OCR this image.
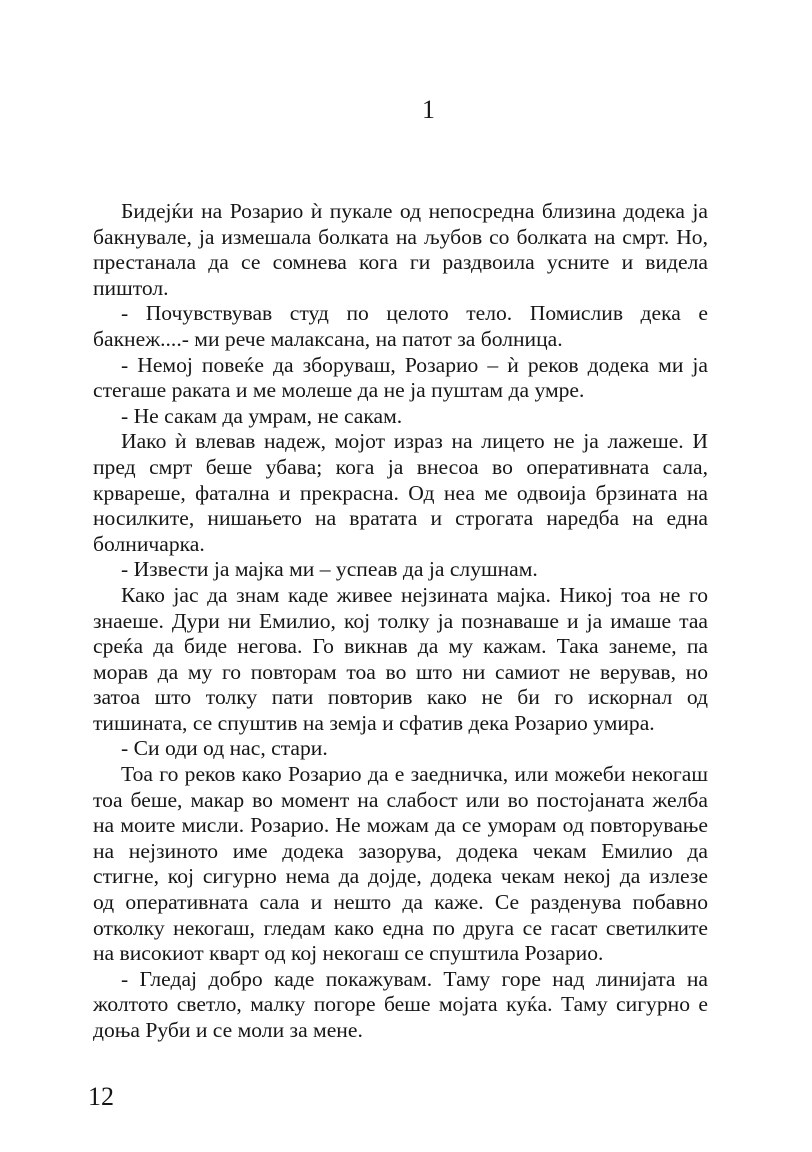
1
Бидејќи на Розарио ѝ пукале од непосредна близина додека ја
бакнувале, ја измешала болката на љубов со болката на смрт. Но,
престанала да се сомнева кога ги раздвоила усните и видела
пиштол.
- Почувствував студ по целото тело. Помислив дека е
бакнеж....- ми рече малаксана, на патот за болница.
- Немој повеќе да зборуваш, Розарио – ѝ реков додека ми ја
стегаше раката и ме молеше да не ја пуштам да умре.
- Не сакам да умрам, не сакам.
Иако ѝ влевав надеж, мојот израз на лицето не ја лажеше. И
пред смрт беше убава; кога ја внесоа во оперативната сала,
крвареше, фатална и прекрасна. Од неа ме одвоија брзината на
носилките, нишањето на вратата и строгата наредба на една
болничарка.
- Извести ја мајка ми – успеав да ја слушнам.
Како јас да знам каде живее нејзината мајка. Никој тоа не го
знаеше. Дури ни Емилио, кој толку ја познаваше и ја имаше таа
среќа да биде негова. Го викнав да му кажам. Така занеме, па
морав да му го повторам тоа во што ни самиот не верував, но
затоа што толку пати повторив како не би го искорнал од
тишината, се спуштив на земја и сфатив дека Розарио умира.
- Си оди од нас, стари.
Тоа го реков како Розарио да е заедничка, или можеби некогаш
тоа беше, макар во момент на слабост или во постојаната желба
на моите мисли. Розарио. Не можам да се уморам од повторување
на нејзиното име додека зазорува, додека чекам Емилио да
стигне, кој сигурно нема да дојде, додека чекам некој да излезе
од оперативната сала и нешто да каже. Се разденува побавно
отколку некогаш, гледам како една по друга се гасат светилките
на високиот кварт од кој некогаш се спуштила Розарио.
- Гледај добро каде покажувам. Таму горе над линијата на
жолтото светло, малку погоре беше мојата куќа. Таму сигурно е
доња Руби и се моли за мене.
12
